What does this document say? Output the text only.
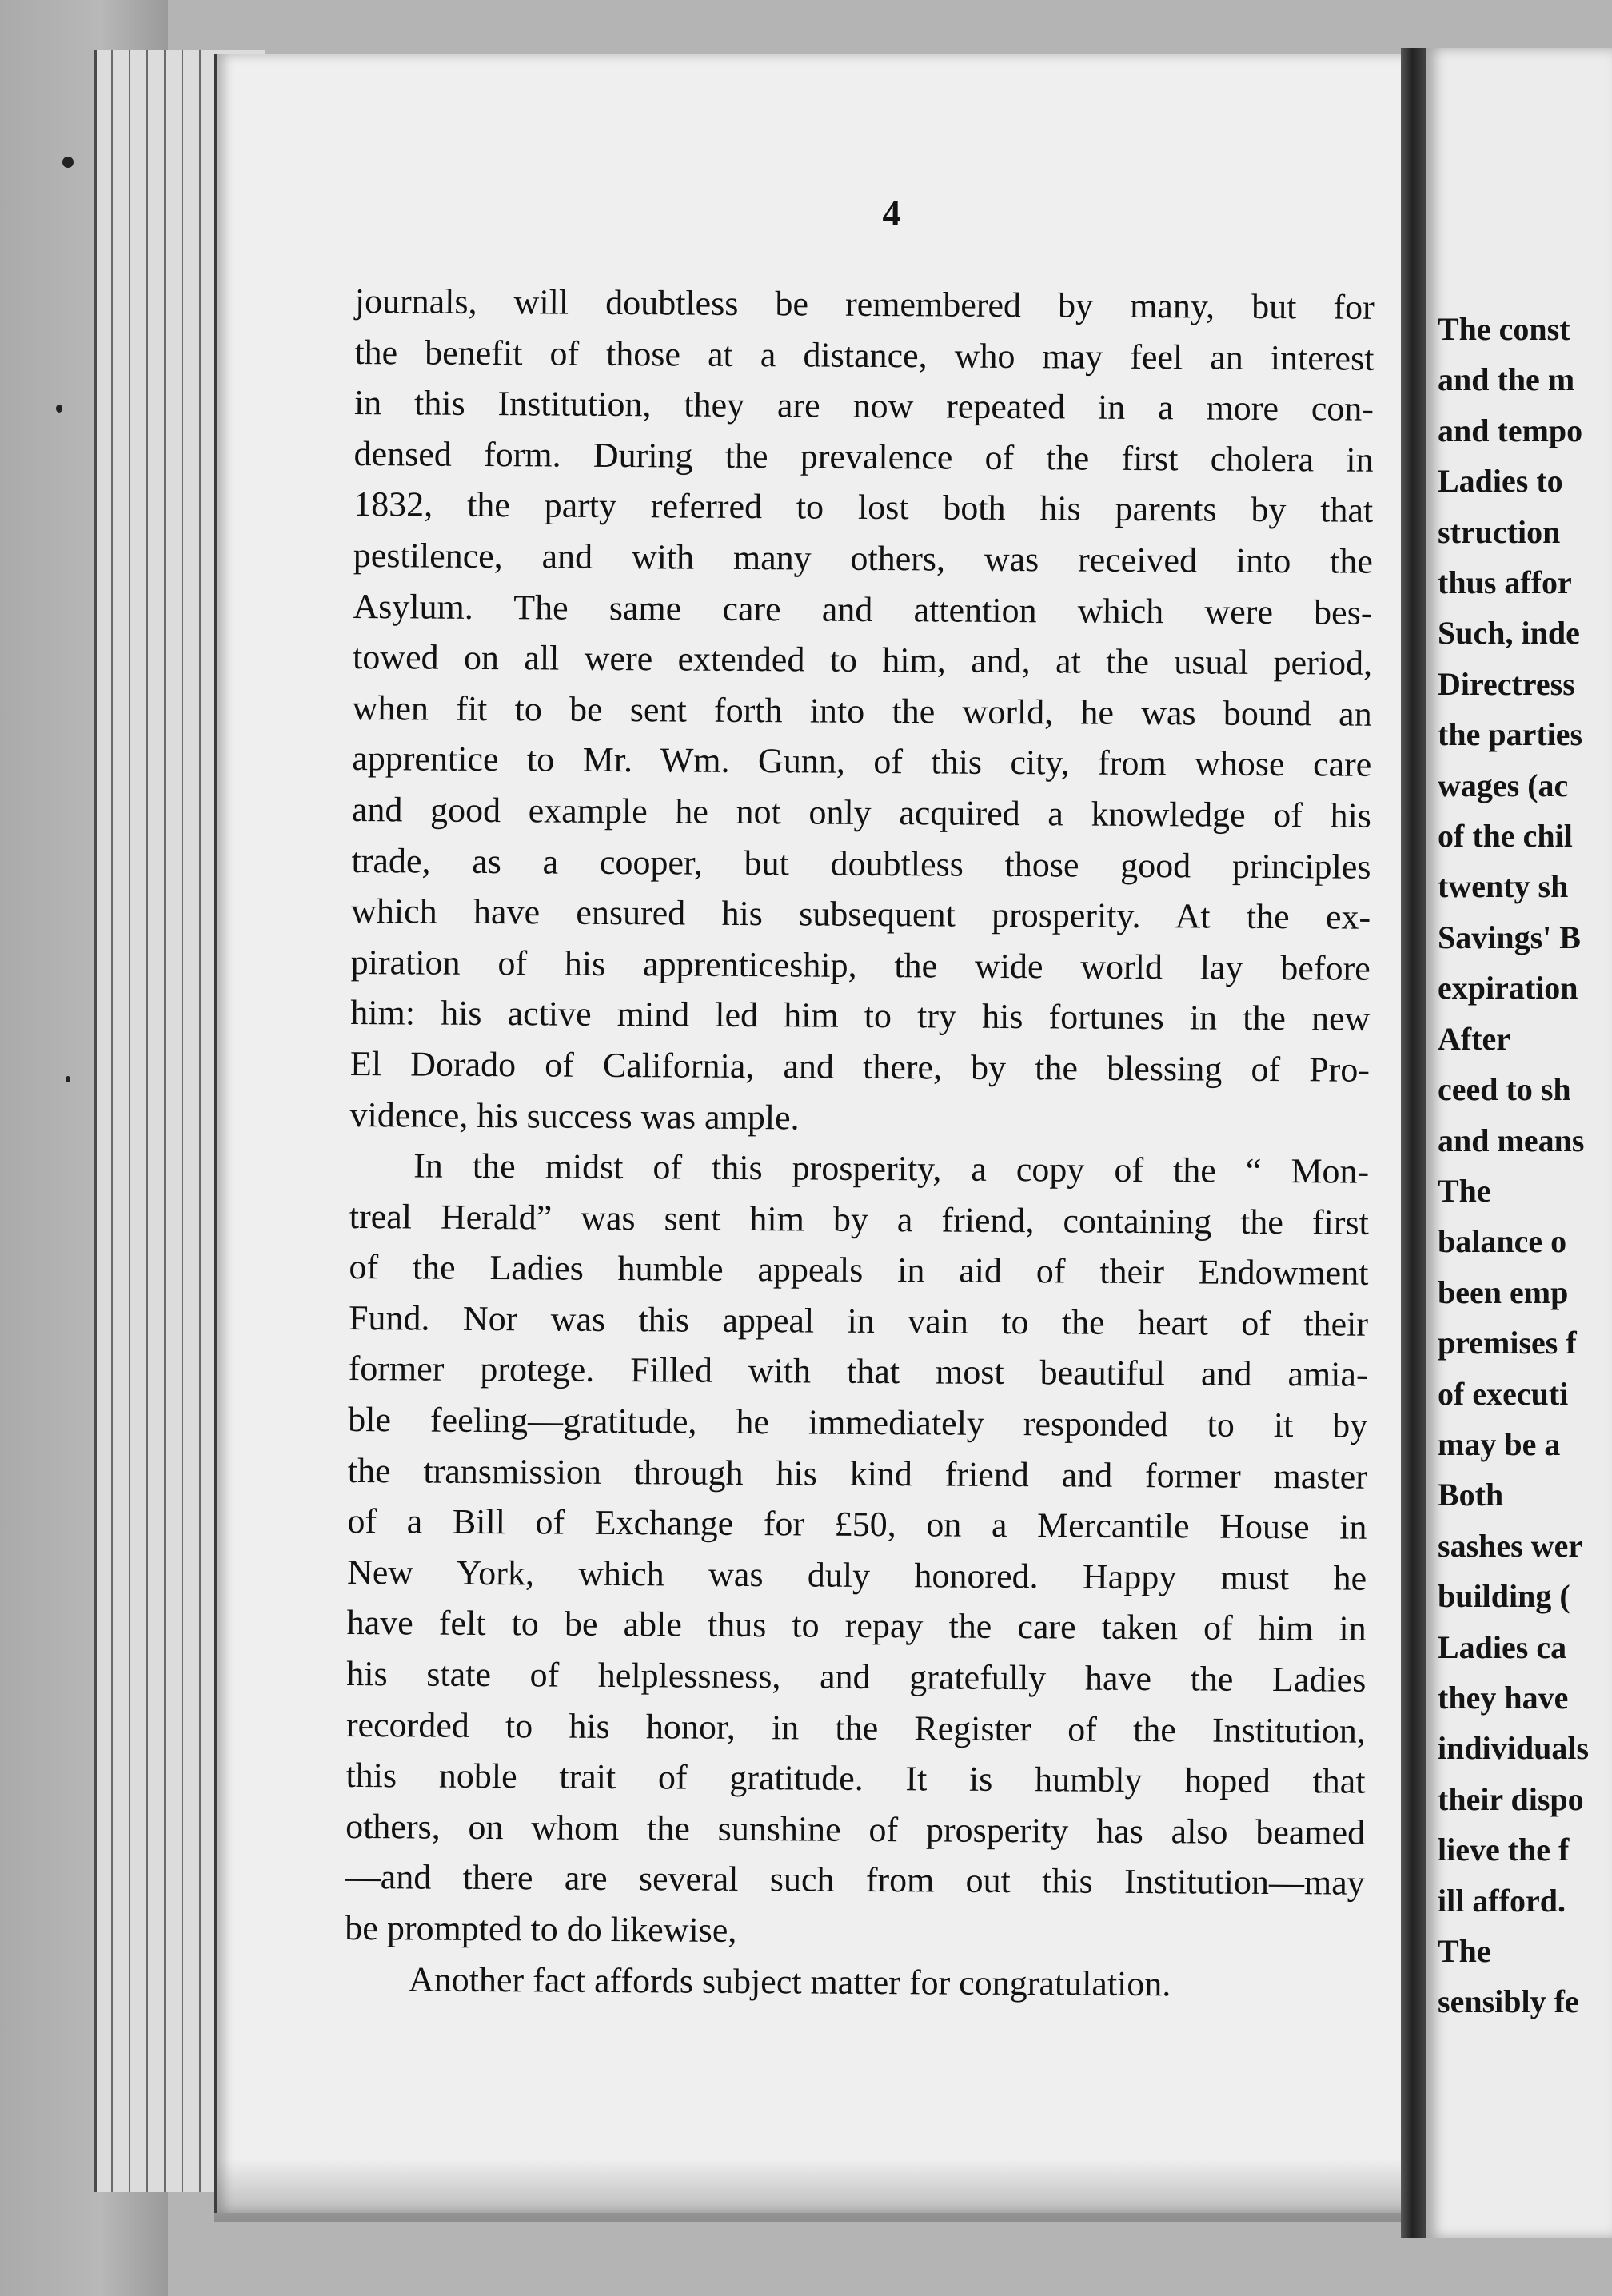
4
journals, will doubtless be remembered by many, but for
the benefit of those at a distance, who may feel an interest
in this Institution, they are now repeated in a more con-
densed form. During the prevalence of the first cholera in
1832, the party referred to lost both his parents by that
pestilence, and with many others, was received into the
Asylum. The same care and attention which were bes-
towed on all were extended to him, and, at the usual period,
when fit to be sent forth into the world, he was bound an
apprentice to Mr. Wm. Gunn, of this city, from whose care
and good example he not only acquired a knowledge of his
trade, as a cooper, but doubtless those good principles
which have ensured his subsequent prosperity. At the ex-
piration of his apprenticeship, the wide world lay before
him: his active mind led him to try his fortunes in the new
El Dorado of California, and there, by the blessing of Pro-
vidence, his success was ample.
In the midst of this prosperity, a copy of the “ Mon-
treal Herald” was sent him by a friend, containing the first
of the Ladies humble appeals in aid of their Endowment
Fund. Nor was this appeal in vain to the heart of their
former protege. Filled with that most beautiful and amia-
ble feeling—gratitude, he immediately responded to it by
the transmission through his kind friend and former master
of a Bill of Exchange for £50, on a Mercantile House in
New York, which was duly honored. Happy must he
have felt to be able thus to repay the care taken of him in
his state of helplessness, and gratefully have the Ladies
recorded to his honor, in the Register of the Institution,
this noble trait of gratitude. It is humbly hoped that
others, on whom the sunshine of prosperity has also beamed
—and there are several such from out this Institution—may
be prompted to do likewise,
Another fact affords subject matter for congratulation.
The const
and the m
and tempo
Ladies to
struction
thus affor
Such, inde
Directress
the parties
wages (ac
of the chil
twenty sh
Savings' B
expiration
After
ceed to sh
and means
The
balance o
been emp
premises f
of executi
may be a
Both
sashes wer
building (
Ladies ca
they have
individuals
their dispo
lieve the f
ill afford.
The
sensibly fe
